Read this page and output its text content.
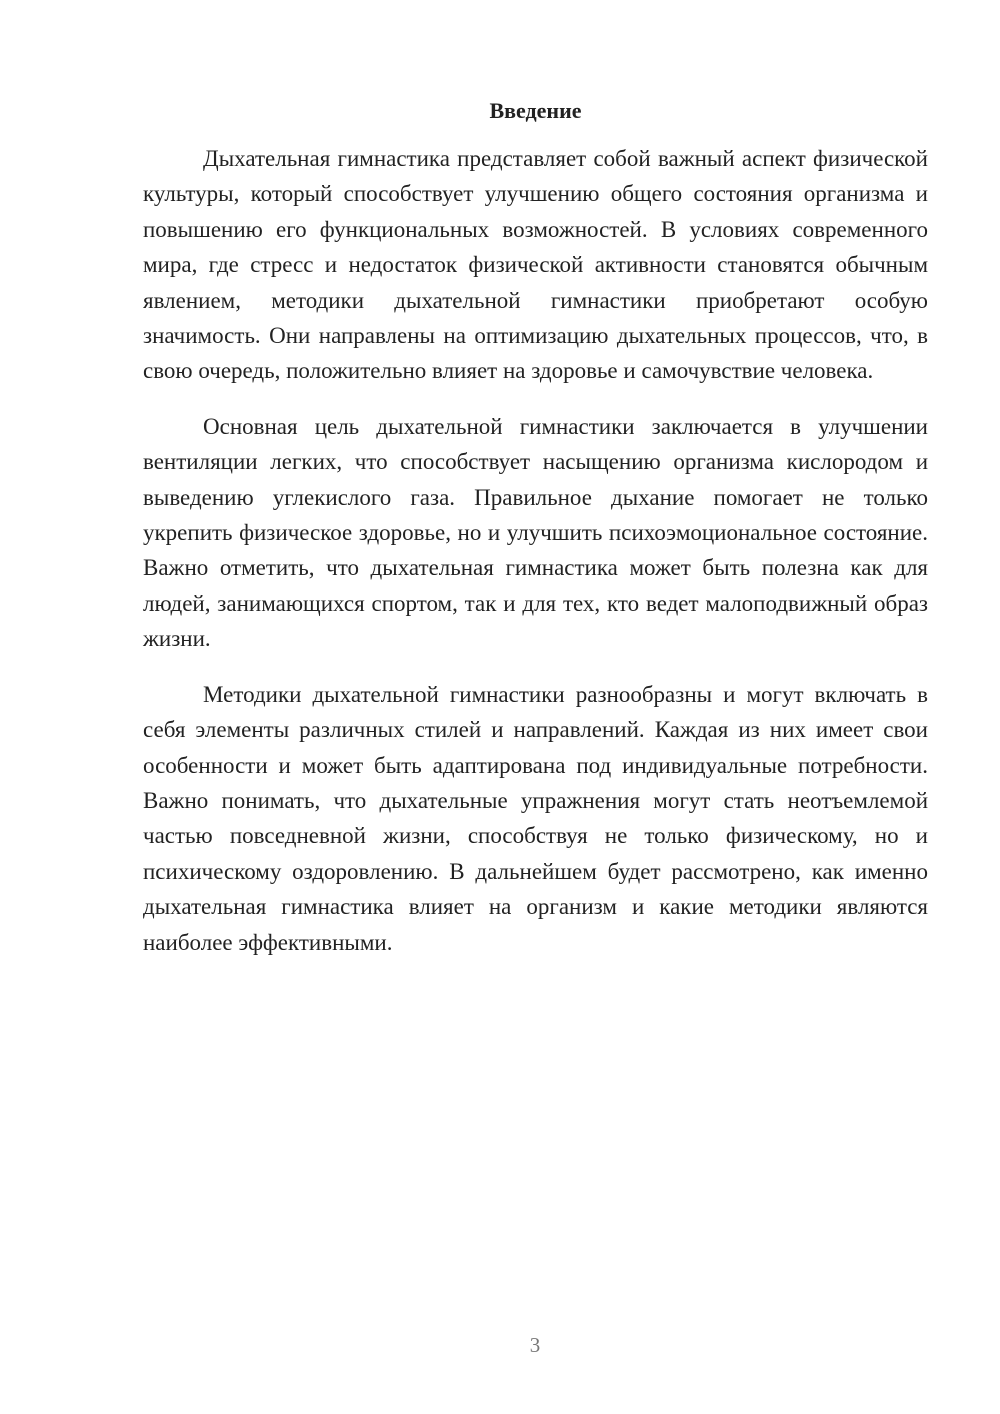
Введение

Дыхательная гимнастика представляет собой важный аспект физической культуры, который способствует улучшению общего состояния организма и повышению его функциональных возможностей. В условиях современного мира, где стресс и недостаток физической активности становятся обычным явлением, методики дыхательной гимнастики приобретают особую значимость. Они направлены на оптимизацию дыхательных процессов, что, в свою очередь, положительно влияет на здоровье и самочувствие человека.

Основная цель дыхательной гимнастики заключается в улучшении вентиляции легких, что способствует насыщению организма кислородом и выведению углекислого газа. Правильное дыхание помогает не только укрепить физическое здоровье, но и улучшить психоэмоциональное состояние. Важно отметить, что дыхательная гимнастика может быть полезна как для людей, занимающихся спортом, так и для тех, кто ведет малоподвижный образ жизни.

Методики дыхательной гимнастики разнообразны и могут включать в себя элементы различных стилей и направлений. Каждая из них имеет свои особенности и может быть адаптирована под индивидуальные потребности. Важно понимать, что дыхательные упражнения могут стать неотъемлемой частью повседневной жизни, способствуя не только физическому, но и психическому оздоровлению. В дальнейшем будет рассмотрено, как именно дыхательная гимнастика влияет на организм и какие методики являются наиболее эффективными.

3
